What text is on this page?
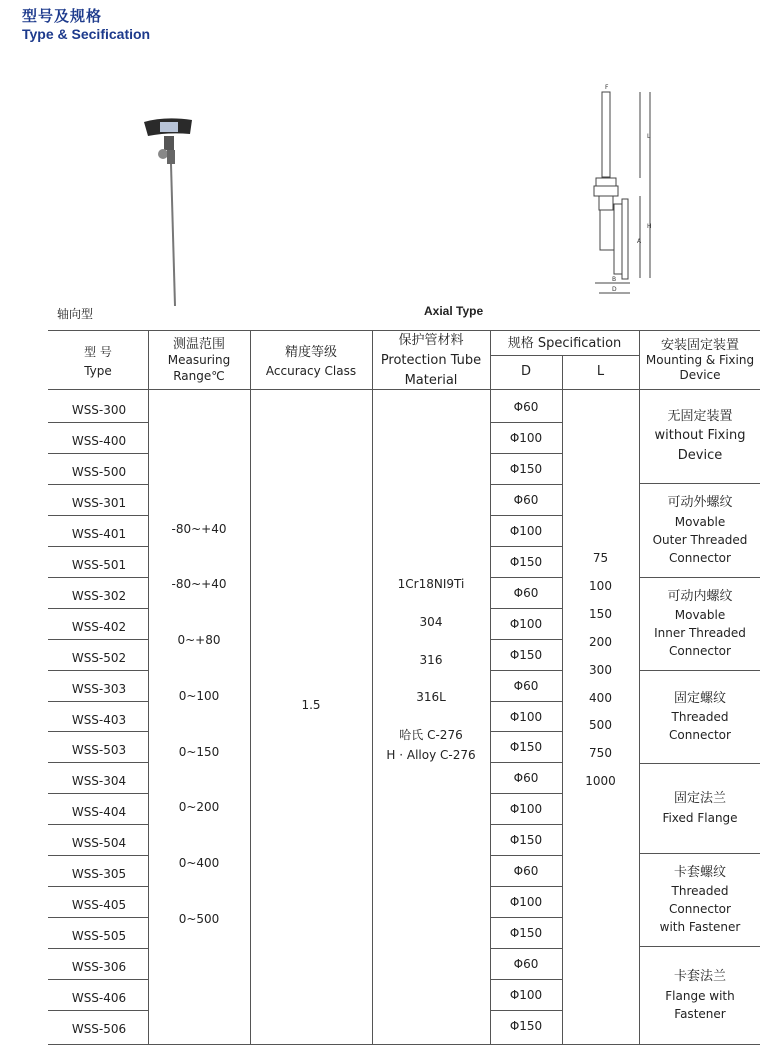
型号及规格
Type & Secification
F
L
H
A
B
D
轴向型	Axial Type
型 号
Type
测温范围
Measuring
Range℃
精度等级
Accuracy Class
保护管材料
Protection Tube
Material
规格 Specification
D	L
安装固定装置
Mounting & Fixing
Device
WSS-300
WSS-400
WSS-500
WSS-301
WSS-401
WSS-501
WSS-302
WSS-402
WSS-502
WSS-303
WSS-403
WSS-503
WSS-304
WSS-404
WSS-504
WSS-305
WSS-405
WSS-505
WSS-306
WSS-406
WSS-506
Φ60
Φ100
Φ150
Φ60
Φ100
Φ150
Φ60
Φ100
Φ150
Φ60
Φ100
Φ150
Φ60
Φ100
Φ150
Φ60
Φ100
Φ150
Φ60
Φ100
Φ150
-80~+40
-80~+40
0~+80
0~100
0~150
0~200
0~400
0~500
1Cr18NI9Ti
304
316
316L
哈氏 C-276
H · Alloy C-276
75
100
150
200
300
400
500
750
1000
无固定装置
without Fixing
Device
可动外螺纹
Movable
Outer Threaded
Connector
可动内螺纹
Movable
Inner Threaded
Connector
固定螺纹
Threaded Connector
固定法兰
Fixed Flange
卡套螺纹
Threaded Connector
with Fastener
卡套法兰
Flange with Fastener
1.5
